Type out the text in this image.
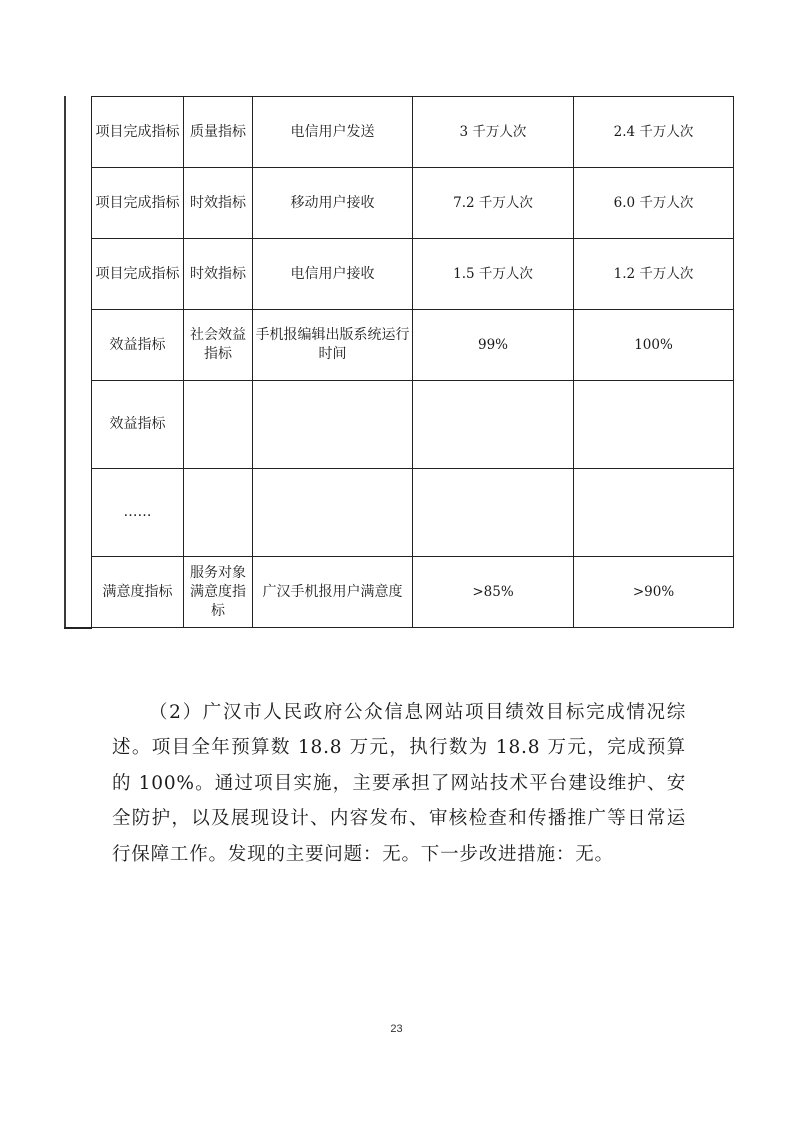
项目完成指标	质量指标	电信用户发送	3 千万人次	2.4 千万人次
项目完成指标	时效指标	移动用户接收	7.2 千万人次	6.0 千万人次
项目完成指标	时效指标	电信用户接收	1.5 千万人次	1.2 千万人次
效益指标	社会效益指标	手机报编辑出版系统运行时间	99%	100%
效益指标				
……				
满意度指标	服务对象满意度指标	广汉手机报用户满意度	>85%	>90%

（2）广汉市人民政府公众信息网站项目绩效目标完成情况综述。项目全年预算数 18.8 万元，执行数为 18.8 万元，完成预算的 100%。通过项目实施，主要承担了网站技术平台建设维护、安全防护，以及展现设计、内容发布、审核检查和传播推广等日常运行保障工作。发现的主要问题：无。下一步改进措施：无。

23
